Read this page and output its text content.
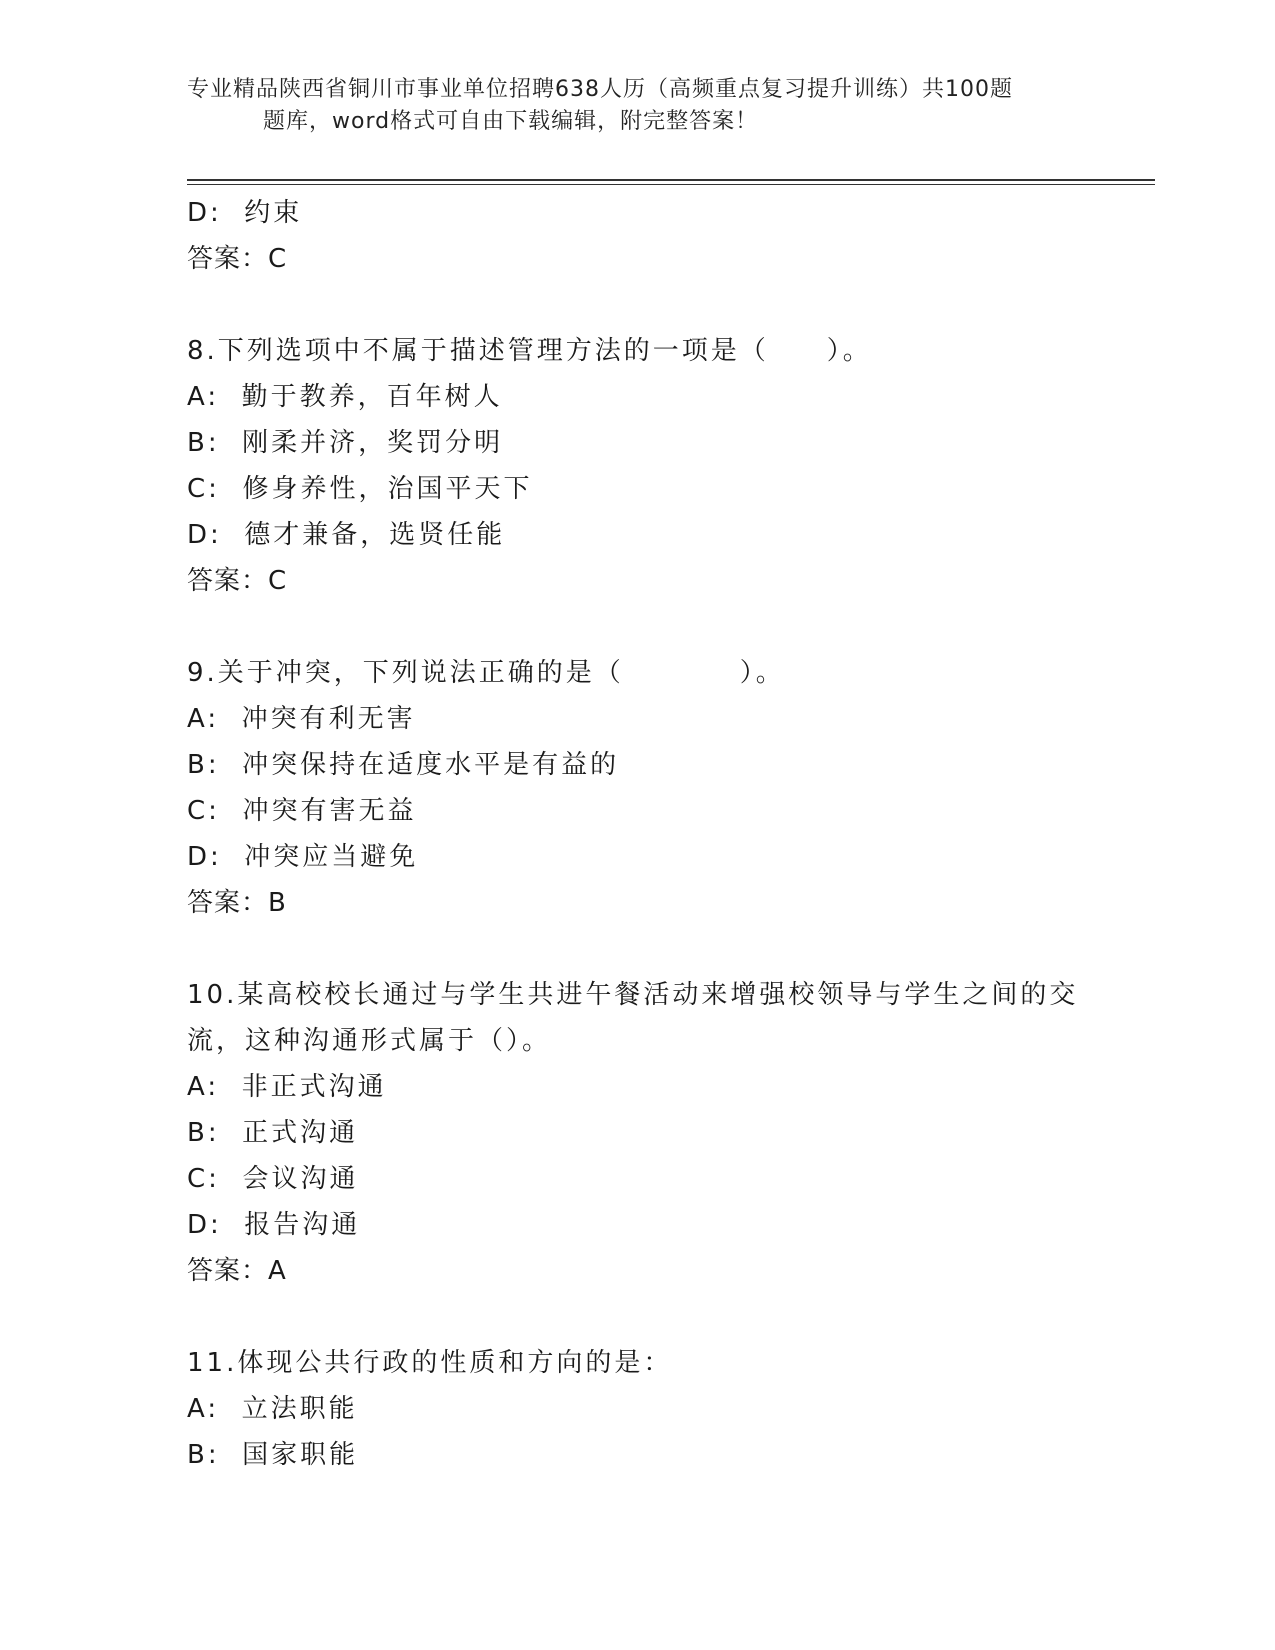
专业精品陕西省铜川市事业单位招聘638人历（高频重点复习提升训练）共100题
题库，word格式可自由下载编辑，附完整答案！
D:  约束
答案：C
8.下列选项中不属于描述管理方法的一项是（　　）。
A:  勤于教养，百年树人
B:  刚柔并济，奖罚分明
C:  修身养性，治国平天下
D:  德才兼备，选贤任能
答案：C
9.关于冲突，下列说法正确的是（　　　　）。
A:  冲突有利无害
B:  冲突保持在适度水平是有益的
C:  冲突有害无益
D:  冲突应当避免
答案：B
10.某高校校长通过与学生共进午餐活动来增强校领导与学生之间的交
流，这种沟通形式属于（）。
A:  非正式沟通
B:  正式沟通
C:  会议沟通
D:  报告沟通
答案：A
11.体现公共行政的性质和方向的是：
A:  立法职能
B:  国家职能
